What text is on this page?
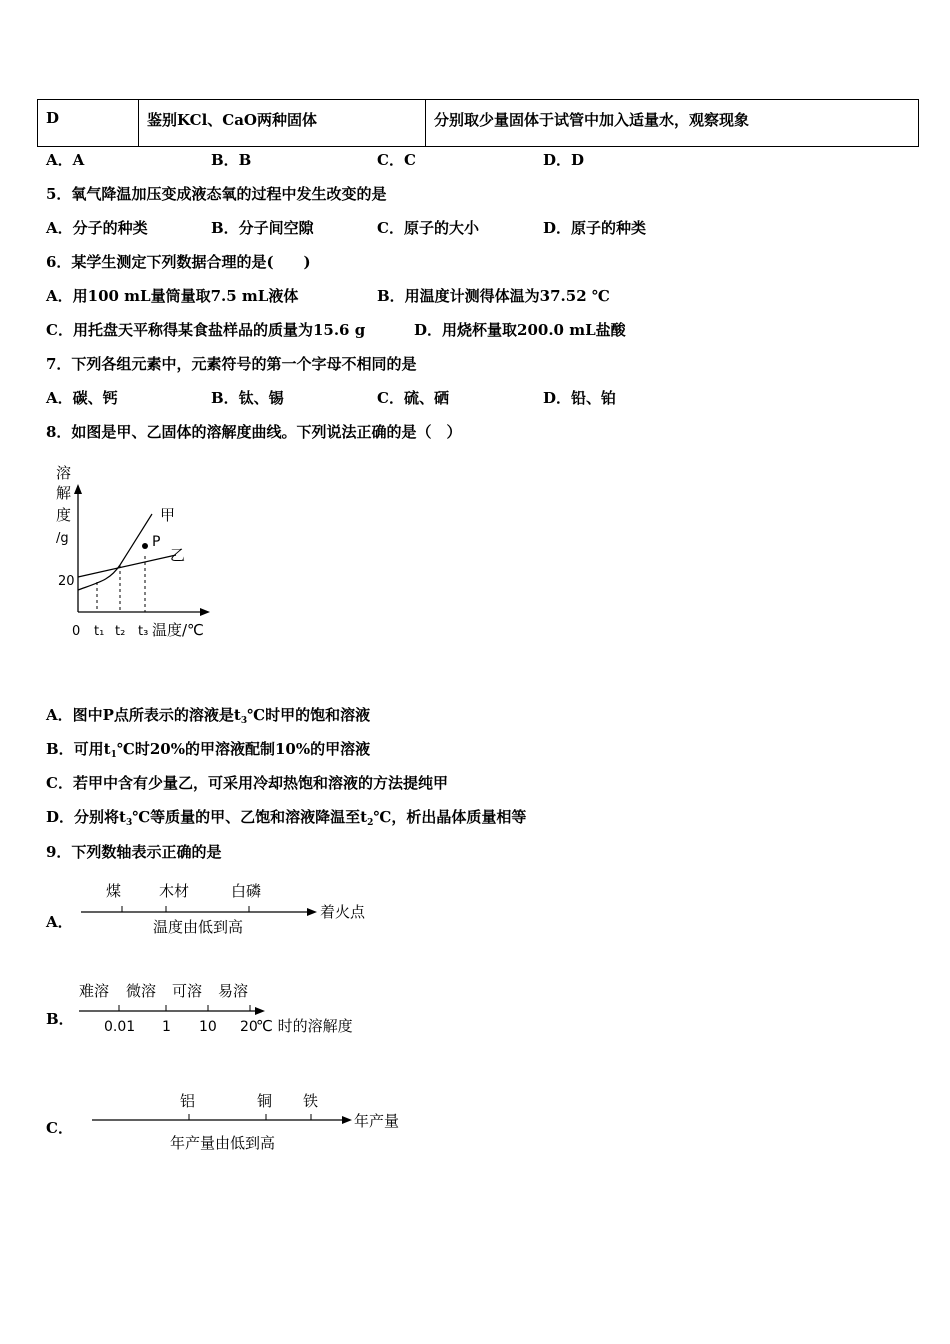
D	鉴别KCl、CaO两种固体	分别取少量固体于试管中加入适量水，观察现象
A．A	B．B	C．C	D．D
5．氧气降温加压变成液态氧的过程中发生改变的是
A．分子的种类	B．分子间空隙	C．原子的大小	D．原子的种类
6．某学生测定下列数据合理的是(　　)
A．用100 mL量筒量取7.5 mL液体	B．用温度计测得体温为37.52 ℃
C．用托盘天平称得某食盐样品的质量为15.6 g	D．用烧杯量取200.0 mL盐酸
7．下列各组元素中，元素符号的第一个字母不相同的是
A．碳、钙	B．钛、锡	C．硫、硒	D．铅、铂
8．如图是甲、乙固体的溶解度曲线。下列说法正确的是（　）
溶
解
度
/g
20
P
甲
乙
0 t₁ t₂ t₃ 温度/℃
A．图中P点所表示的溶液是$t_3℃$时甲的饱和溶液
B．可用$t_1℃$时20%的甲溶液配制10%的甲溶液
C．若甲中含有少量乙，可采用冷却热饱和溶液的方法提纯甲
D．分别将$t_3℃$等质量的甲、乙饱和溶液降温至$t_2℃$，析出晶体质量相等
9．下列数轴表示正确的是
A．
煤	木材	白磷
着火点
温度由低到高
B．
难溶 微溶 可溶 易溶
0.01 1 10 20
℃ 时的溶解度
C．
铝	铜 铁
年产量
年产量由低到高
